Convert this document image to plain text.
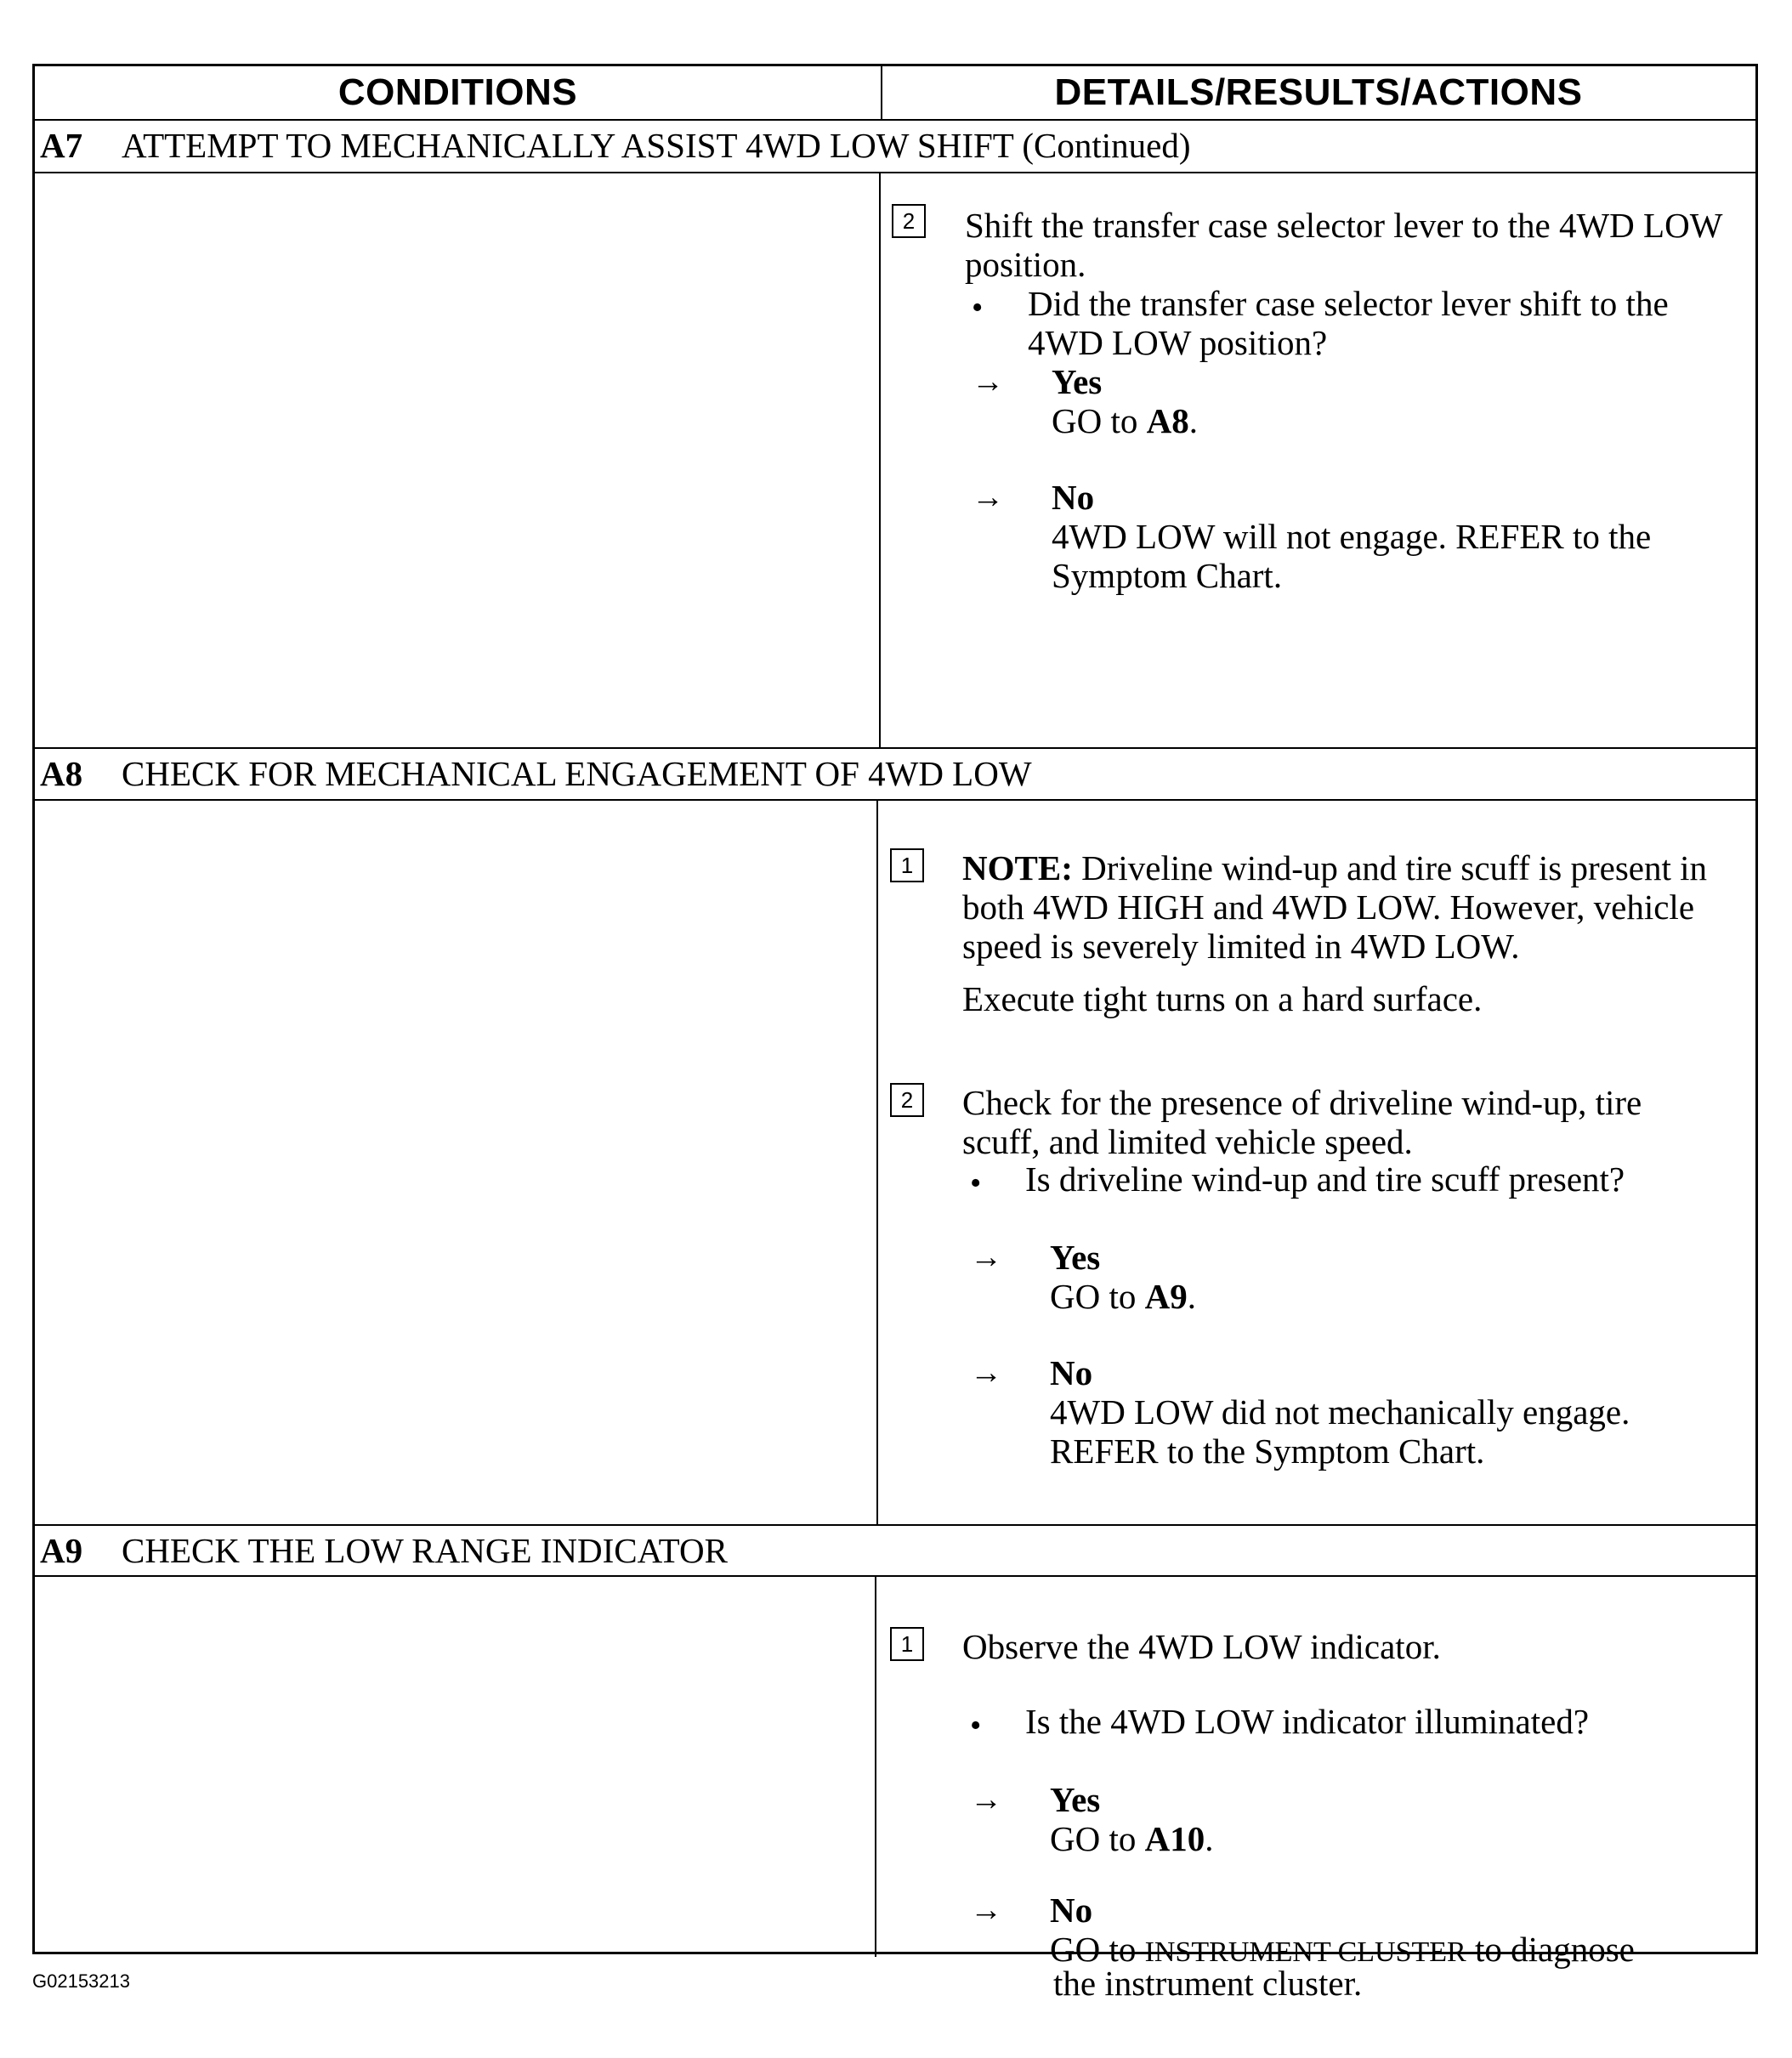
CONDITIONS	DETAILS/RESULTS/ACTIONS
A7	ATTEMPT TO MECHANICALLY ASSIST 4WD LOW SHIFT (Continued)
2	Shift the transfer case selector lever to the 4WD LOW position.
• Did the transfer case selector lever shift to the 4WD LOW position?
→ Yes
GO to A8.
→ No
4WD LOW will not engage. REFER to the Symptom Chart.
A8	CHECK FOR MECHANICAL ENGAGEMENT OF 4WD LOW
1	NOTE: Driveline wind-up and tire scuff is present in both 4WD HIGH and 4WD LOW. However, vehicle speed is severely limited in 4WD LOW.
Execute tight turns on a hard surface.
2	Check for the presence of driveline wind-up, tire scuff, and limited vehicle speed.
• Is driveline wind-up and tire scuff present?
→ Yes
GO to A9.
→ No
4WD LOW did not mechanically engage. REFER to the Symptom Chart.
A9	CHECK THE LOW RANGE INDICATOR
1	Observe the 4WD LOW indicator.
• Is the 4WD LOW indicator illuminated?
→ Yes
GO to A10.
→ No
GO to INSTRUMENT CLUSTER to diagnose
the instrument cluster.
G02153213
